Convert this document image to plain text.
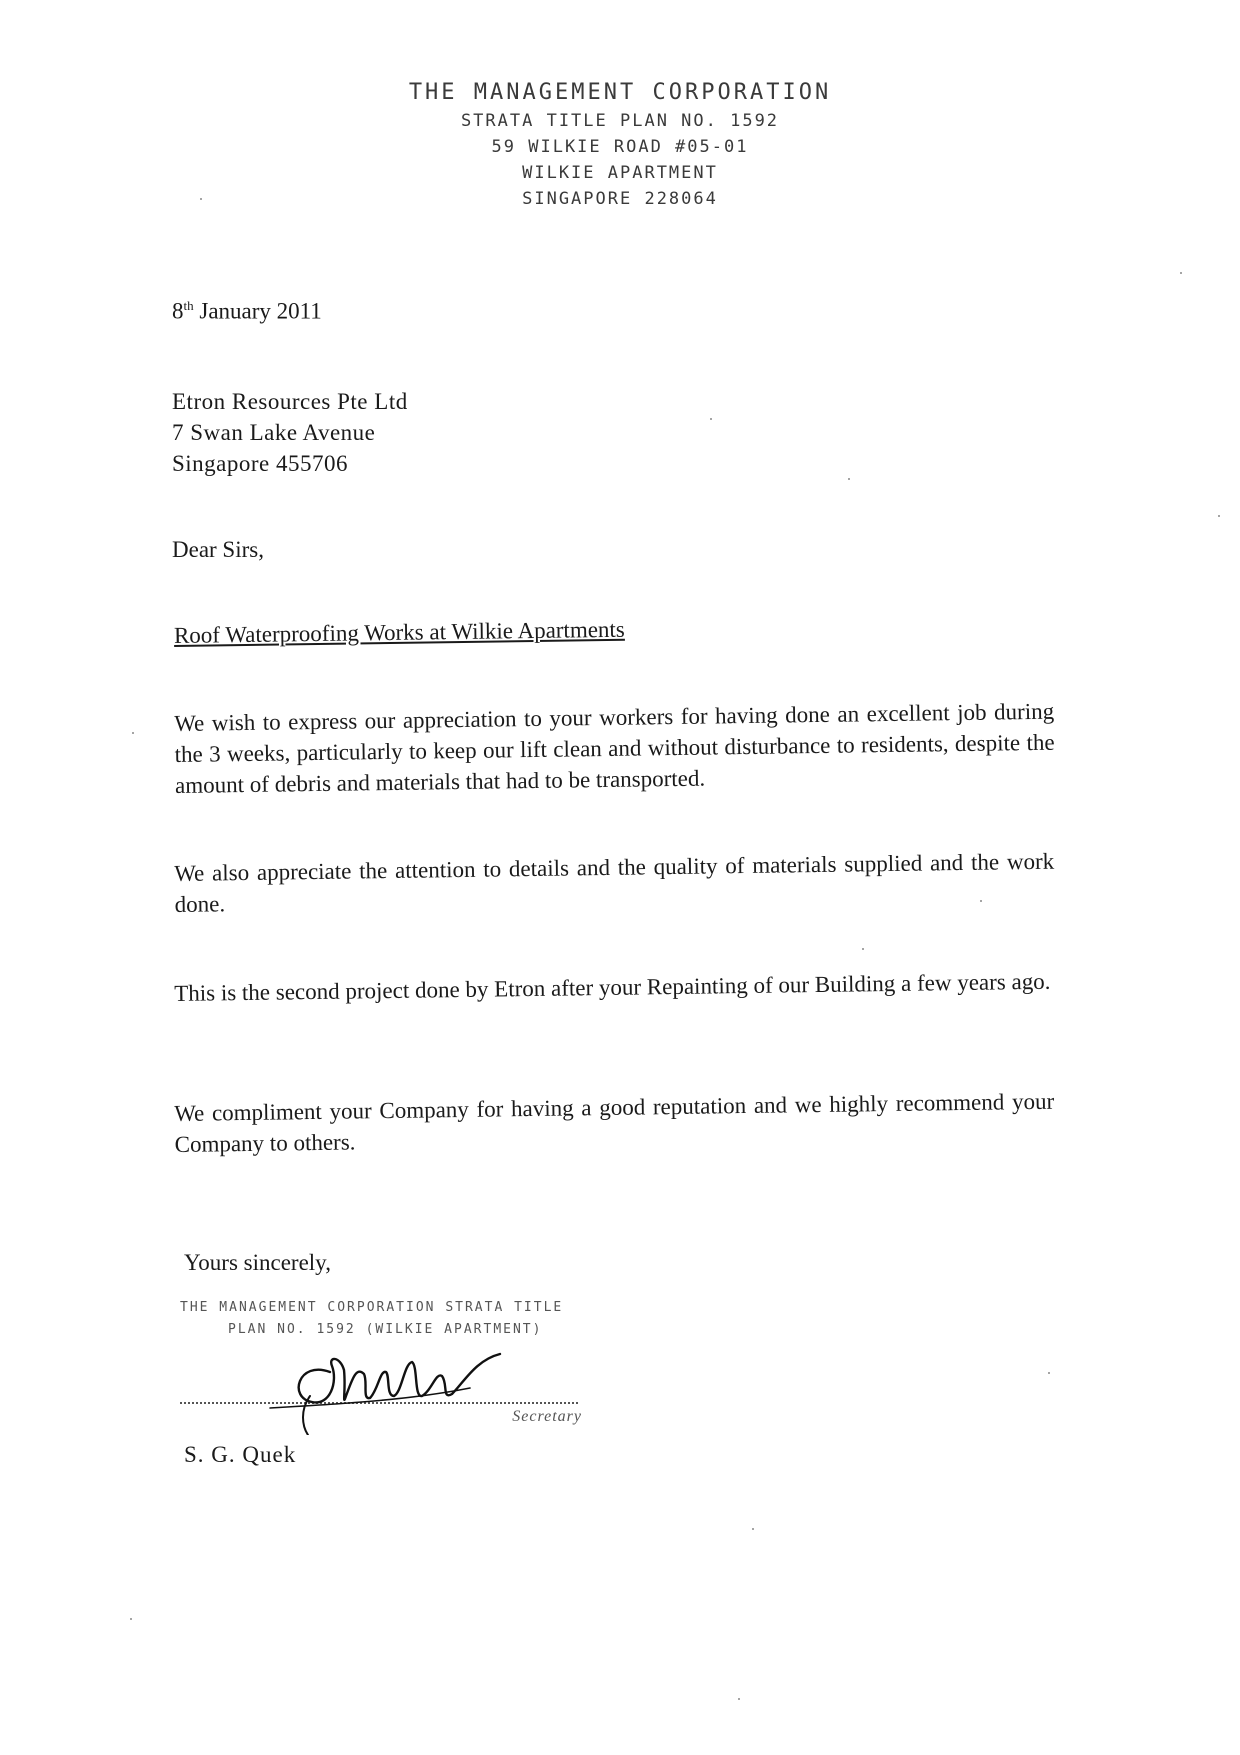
THE MANAGEMENT CORPORATION
STRATA TITLE PLAN NO. 1592
59 WILKIE ROAD #05-01
WILKIE APARTMENT
SINGAPORE 228064
8th January 2011
Etron Resources Pte Ltd
7 Swan Lake Avenue
Singapore 455706
Dear Sirs,
Roof Waterproofing Works at Wilkie Apartments
We wish to express our appreciation to your workers for having done an excellent job during the 3 weeks, particularly to keep our lift clean and without disturbance to residents, despite the amount of debris and materials that had to be transported.
We also appreciate the attention to details and the quality of materials supplied and the work done.
This is the second project done by Etron after your Repainting of our Building a few years ago.
We compliment your Company for having a good reputation and we highly recommend your Company to others.
Yours sincerely,
THE MANAGEMENT CORPORATION STRATA TITLE
PLAN NO. 1592 (WILKIE APARTMENT)
Secretary
S. G. Quek
